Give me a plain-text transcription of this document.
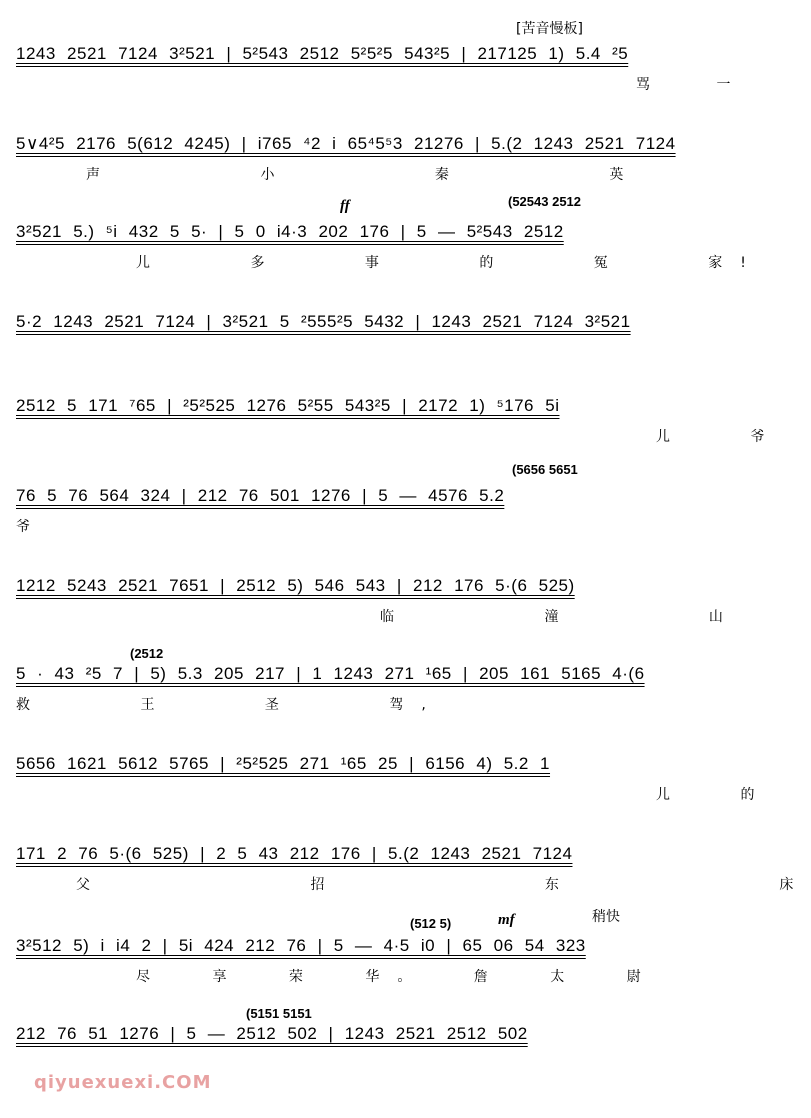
[苦音慢板]
稍快
1243 2521 7124 3²521 | 5²543 2512 5²5²5 543²5 | 217125 1) 5.4 ²5
骂 一
5∨4²5 2176 5(612 4245) | i765 ⁴2 i 65⁴5⁵3 21276 | 5.(2 1243 2521 7124
声 小 秦 英
(52543 2512
ff
3²521 5.) ⁵i 432 5 5· | 5 0 i4·3 202 176 | 5 — 5²543 2512
儿 多 事 的 冤 家!
5·2 1243 2521 7124 | 3²521 5 ²555²5 5432 | 1243 2521 7124 3²521
2512 5 171 ⁷65 | ²5²525 1276 5²55 543²5 | 2172 1) ⁵176 5i
儿 爷
(5656 5651
76 5 76 564 324 | 212 76 501 1276 | 5 — 4576 5.2
爷
1212 5243 2521 7651 | 2512 5) 546 543 | 212 176 5·(6 525)
临 潼 山
(2512
5 · 43 ²5 7 | 5) 5.3 205 217 | 1 1243 271 ¹65 | 205 161 5165 4·(6
救 王 圣 驾,
5656 1621 5612 5765 | ²5²525 271 ¹65 25 | 6156 4) 5.2 1
儿 的
171 2 76 5·(6 525) | 2 5 43 212 176 | 5.(2 1243 2521 7124
父 招 东 床
(512 5)	mf
3²512 5) i i4 2 | 5i 424 212 76 | 5 — 4·5 i0 | 65 06 54 323
尽 享 荣 华。 詹 太 尉
(5151 5151
212 76 51 1276 | 5 — 2512 502 | 1243 2521 2512 502
qiyuexuexi.COM
